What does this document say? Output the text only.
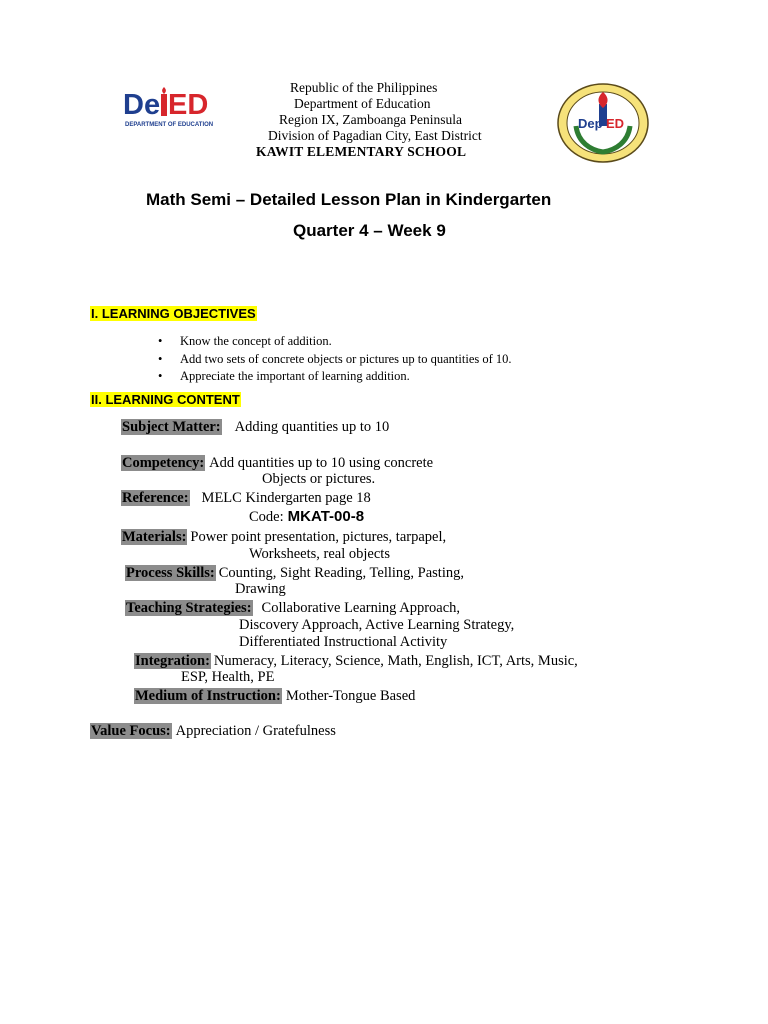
De ED
DEPARTMENT OF EDUCATION	Dep ED
Republic of the Philippines
Department of Education
Region IX, Zamboanga Peninsula
Division of Pagadian City, East District
KAWIT ELEMENTARY SCHOOL
Math Semi – Detailed Lesson Plan in Kindergarten
Quarter 4 – Week 9
I. LEARNING OBJECTIVES
• Know the concept of addition.
• Add two sets of concrete objects or pictures up to quantities of 10.
• Appreciate the important of learning addition.
II. LEARNING CONTENT
Subject Matter: Adding quantities up to 10
Competency: Add quantities up to 10 using concrete
Objects or pictures.
Reference: MELC Kindergarten page 18
Code: MKAT-00-8
Materials: Power point presentation, pictures, tarpapel,
Worksheets, real objects
Process Skills: Counting, Sight Reading, Telling, Pasting,
Drawing
Teaching Strategies: Collaborative Learning Approach,
Discovery Approach, Active Learning Strategy,
Differentiated Instructional Activity
Integration: Numeracy, Literacy, Science, Math, English, ICT, Arts, Music,
ESP, Health, PE
Medium of Instruction: Mother-Tongue Based
Value Focus: Appreciation / Gratefulness
